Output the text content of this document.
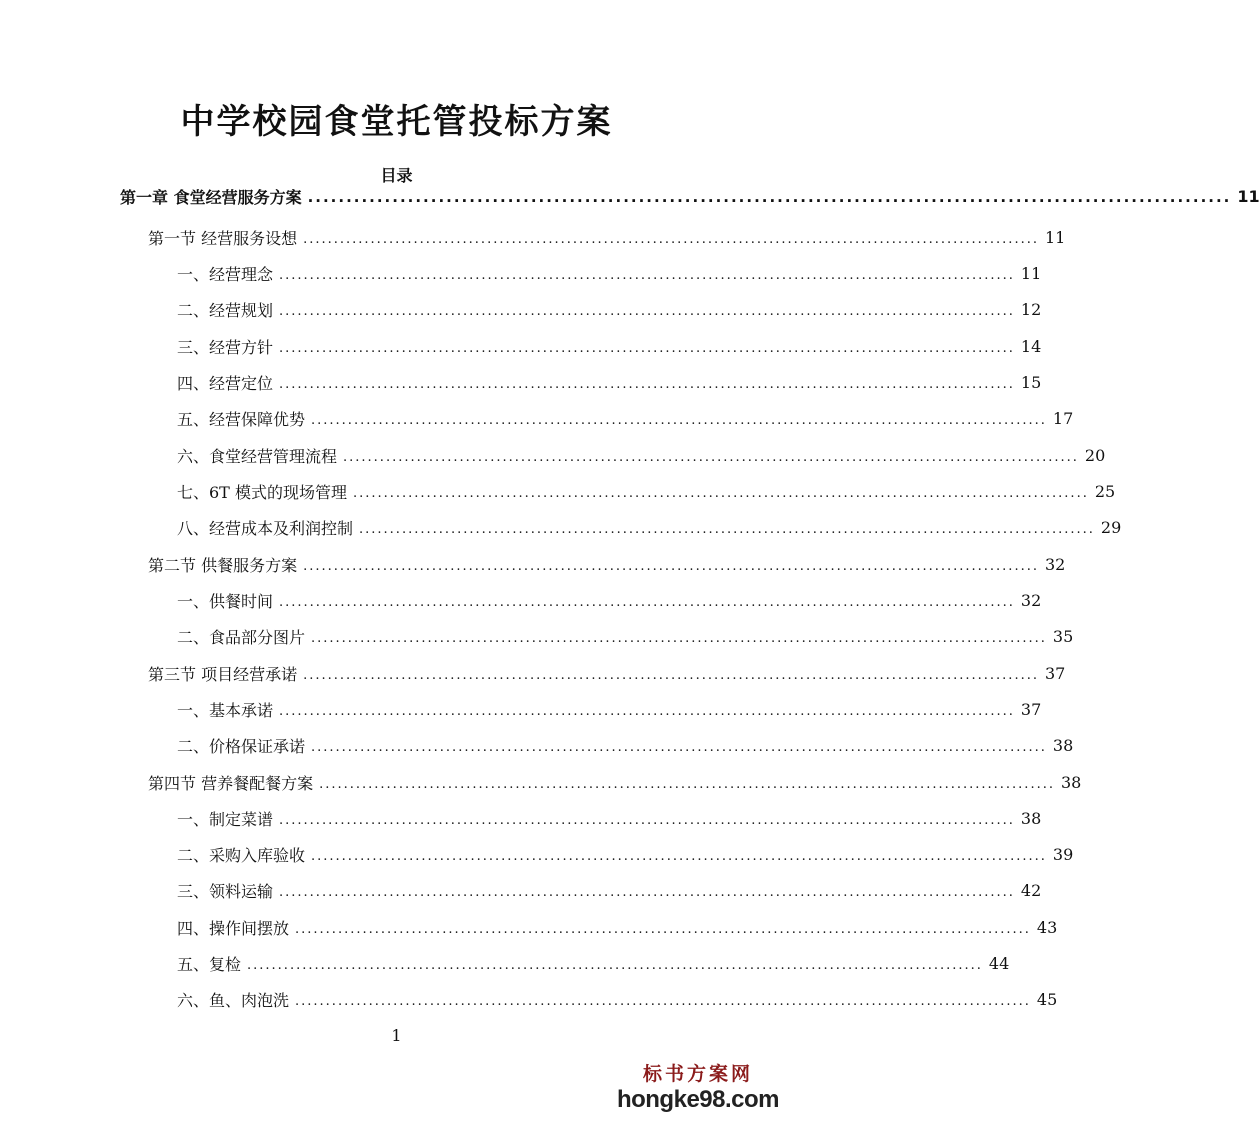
中学校园食堂托管投标方案
目录
第一章 食堂经营服务方案 ........................................................................................................................ 11
第一节 经营服务设想 ........................................................................................................................ 11
一、经营理念 ........................................................................................................................ 11
二、经营规划 ........................................................................................................................ 12
三、经营方针 ........................................................................................................................ 14
四、经营定位 ........................................................................................................................ 15
五、经营保障优势 ........................................................................................................................ 17
六、食堂经营管理流程 ........................................................................................................................ 20
七、6T 模式的现场管理 ........................................................................................................................ 25
八、经营成本及利润控制 ........................................................................................................................ 29
第二节 供餐服务方案 ........................................................................................................................ 32
一、供餐时间 ........................................................................................................................ 32
二、食品部分图片 ........................................................................................................................ 35
第三节 项目经营承诺 ........................................................................................................................ 37
一、基本承诺 ........................................................................................................................ 37
二、价格保证承诺 ........................................................................................................................ 38
第四节 营养餐配餐方案 ........................................................................................................................ 38
一、制定菜谱 ........................................................................................................................ 38
二、采购入库验收 ........................................................................................................................ 39
三、领料运输 ........................................................................................................................ 42
四、操作间摆放 ........................................................................................................................ 43
五、复检 ........................................................................................................................ 44
六、鱼、肉泡洗 ........................................................................................................................ 45
1
标书方案网
hongke98.com
